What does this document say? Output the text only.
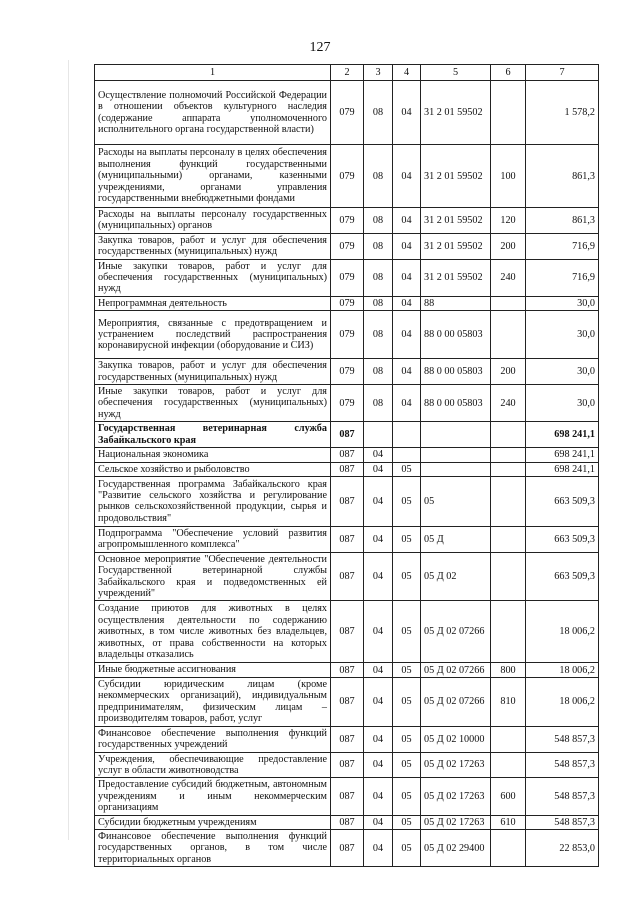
127
1	2	3	4	5	6	7
Осуществление полномочий Российской Федерации в отношении объектов культурного наследия (содержание аппарата уполномоченного исполнительного органа государственной власти)	079	08	04	31 2 01 59502		1 578,2
Расходы на выплаты персоналу в целях обеспечения выполнения функций государственными (муниципальными) органами, казенными учреждениями, органами управления государственными внебюджетными фондами	079	08	04	31 2 01 59502	100	861,3
Расходы на выплаты персоналу государственных (муниципальных) органов	079	08	04	31 2 01 59502	120	861,3
Закупка товаров, работ и услуг для обеспечения государственных (муниципальных) нужд	079	08	04	31 2 01 59502	200	716,9
Иные закупки товаров, работ и услуг для обеспечения государственных (муниципальных) нужд	079	08	04	31 2 01 59502	240	716,9
Непрограммная деятельность	079	08	04	88		30,0
Мероприятия, связанные с предотвращением и устранением последствий распространения коронавирусной инфекции (оборудование и СИЗ)	079	08	04	88 0 00 05803		30,0
Закупка товаров, работ и услуг для обеспечения государственных (муниципальных) нужд	079	08	04	88 0 00 05803	200	30,0
Иные закупки товаров, работ и услуг для обеспечения государственных (муниципальных) нужд	079	08	04	88 0 00 05803	240	30,0
Государственная ветеринарная служба Забайкальского края	087					698 241,1
Национальная экономика	087	04				698 241,1
Сельское хозяйство и рыболовство	087	04	05			698 241,1
Государственная программа Забайкальского края "Развитие сельского хозяйства и регулирование рынков сельскохозяйственной продукции, сырья и продовольствия"	087	04	05	05		663 509,3
Подпрограмма "Обеспечение условий развития агропромышленного комплекса"	087	04	05	05 Д		663 509,3
Основное мероприятие "Обеспечение деятельности Государственной ветеринарной службы Забайкальского края и подведомственных ей учреждений"	087	04	05	05 Д 02		663 509,3
Создание приютов для животных в целях осуществления деятельности по содержанию животных, в том числе животных без владельцев, животных, от права собственности на которых владельцы отказались	087	04	05	05 Д 02 07266		18 006,2
Иные бюджетные ассигнования	087	04	05	05 Д 02 07266	800	18 006,2
Субсидии юридическим лицам (кроме некоммерческих организаций), индивидуальным предпринимателям, физическим лицам – производителям товаров, работ, услуг	087	04	05	05 Д 02 07266	810	18 006,2
Финансовое обеспечение выполнения функций государственных учреждений	087	04	05	05 Д 02 10000		548 857,3
Учреждения, обеспечивающие предоставление услуг в области животноводства	087	04	05	05 Д 02 17263		548 857,3
Предоставление субсидий бюджетным, автономным учреждениям и иным некоммерческим организациям	087	04	05	05 Д 02 17263	600	548 857,3
Субсидии бюджетным учреждениям	087	04	05	05 Д 02 17263	610	548 857,3
Финансовое обеспечение выполнения функций государственных органов, в том числе территориальных органов	087	04	05	05 Д 02 29400		22 853,0
